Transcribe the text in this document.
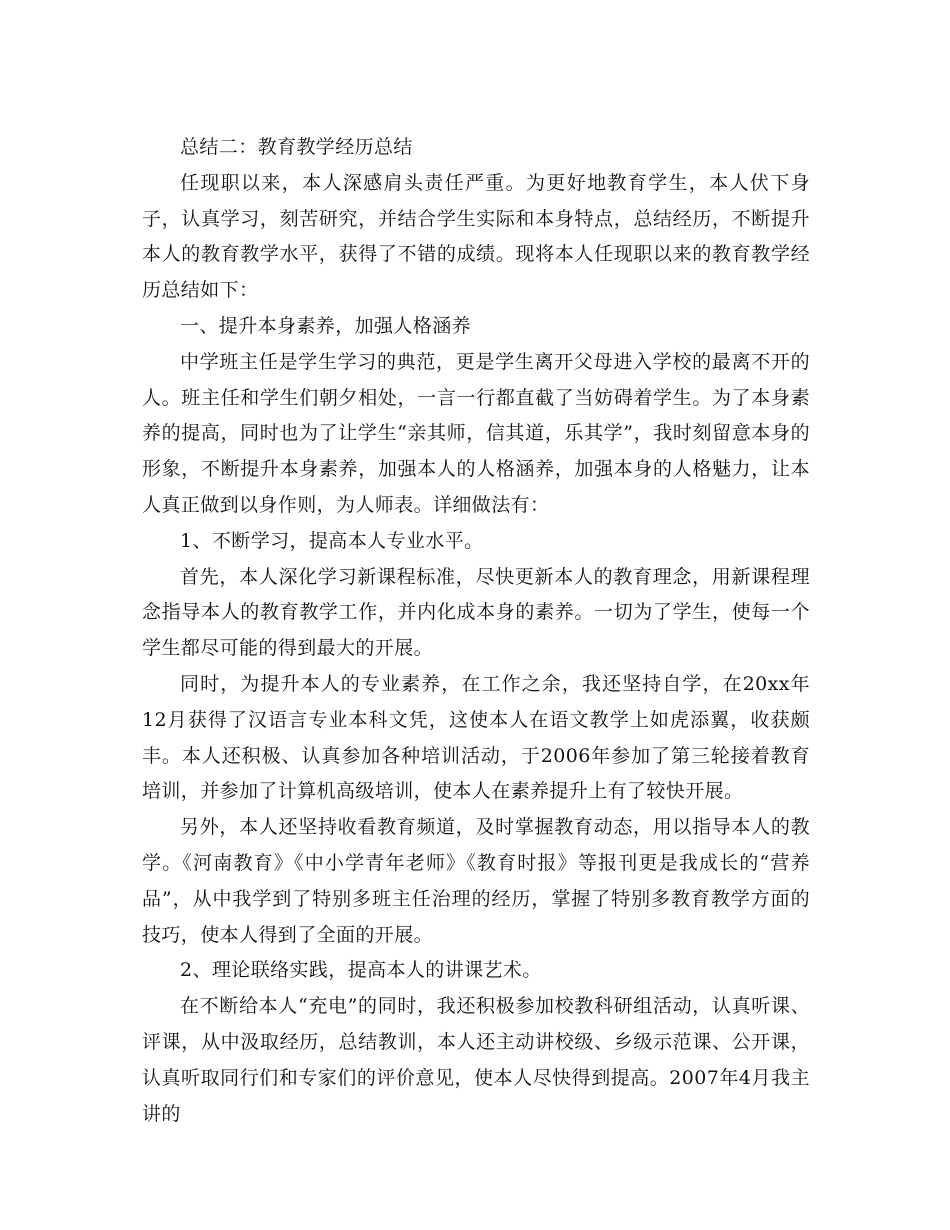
总结二：教育教学经历总结

任现职以来，本人深感肩头责任严重。为更好地教育学生，本人伏下身子，认真学习，刻苦研究，并结合学生实际和本身特点，总结经历，不断提升本人的教育教学水平，获得了不错的成绩。现将本人任现职以来的教育教学经历总结如下：

一、提升本身素养，加强人格涵养

中学班主任是学生学习的典范，更是学生离开父母进入学校的最离不开的人。班主任和学生们朝夕相处，一言一行都直截了当妨碍着学生。为了本身素养的提高，同时也为了让学生“亲其师，信其道，乐其学”，我时刻留意本身的形象，不断提升本身素养，加强本人的人格涵养，加强本身的人格魅力，让本人真正做到以身作则，为人师表。详细做法有：

1、不断学习，提高本人专业水平。

首先，本人深化学习新课程标准，尽快更新本人的教育理念，用新课程理念指导本人的教育教学工作，并内化成本身的素养。一切为了学生，使每一个学生都尽可能的得到最大的开展。

同时，为提升本人的专业素养，在工作之余，我还坚持自学，在20xx年12月获得了汉语言专业本科文凭，这使本人在语文教学上如虎添翼，收获颇丰。本人还积极、认真参加各种培训活动，于2006年参加了第三轮接着教育培训，并参加了计算机高级培训，使本人在素养提升上有了较快开展。

另外，本人还坚持收看教育频道，及时掌握教育动态，用以指导本人的教学。《河南教育》《中小学青年老师》《教育时报》等报刊更是我成长的“营养品”，从中我学到了特别多班主任治理的经历，掌握了特别多教育教学方面的技巧，使本人得到了全面的开展。

2、理论联络实践，提高本人的讲课艺术。

在不断给本人“充电”的同时，我还积极参加校教科研组活动，认真听课、评课，从中汲取经历，总结教训，本人还主动讲校级、乡级示范课、公开课，认真听取同行们和专家们的评价意见，使本人尽快得到提高。2007年4月我主讲的
